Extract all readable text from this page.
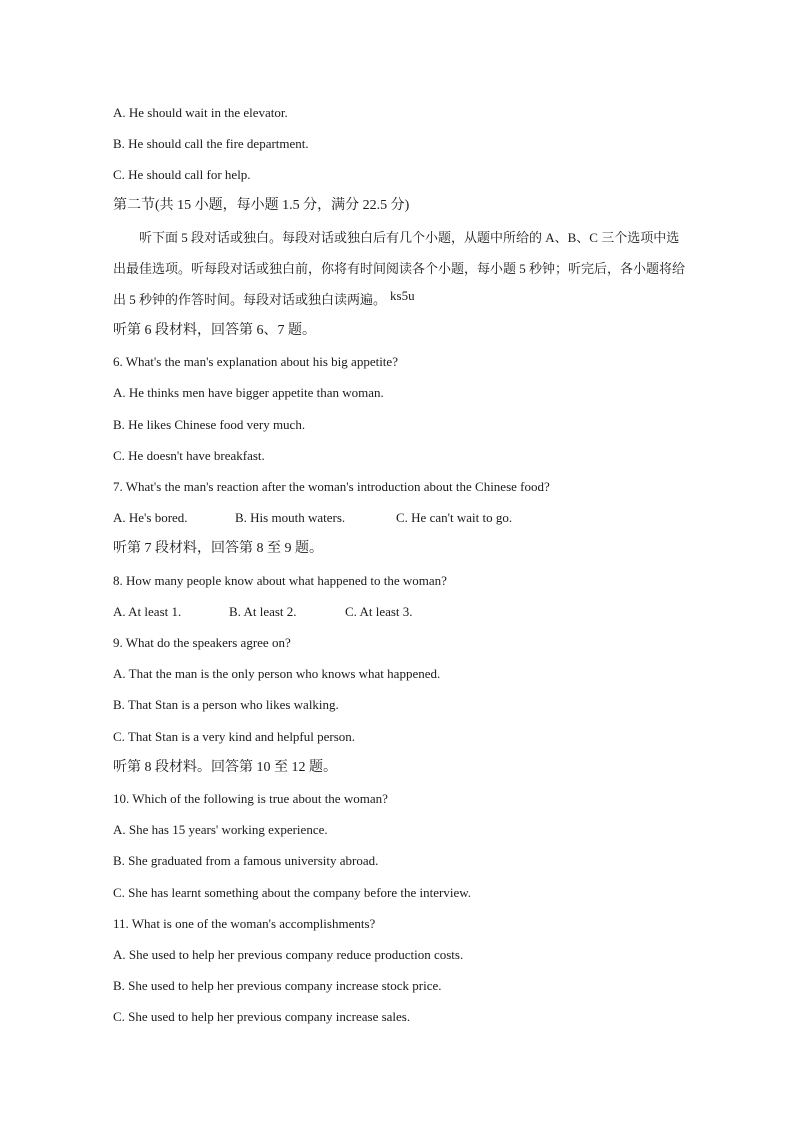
A. He should wait in the elevator.
B. He should call the fire department.
C. He should call for help.
第二节(共 15 小题，每小题 1.5 分，满分 22.5 分)
听下面 5 段对话或独白。每段对话或独白后有几个小题，从题中所给的 A、B、C 三个选项中选出最佳选项。听每段对话或独白前，你将有时间阅读各个小题，每小题 5 秒钟；听完后，各小题将给出 5 秒钟的作答时间。每段对话或独白读两遍。 ks5u
听第 6 段材料，回答第 6、7 题。
6. What's the man's explanation about his big appetite?
A. He thinks men have bigger appetite than woman.
B. He likes Chinese food very much.
C. He doesn't have breakfast.
7. What's the man's reaction after the woman's introduction about the Chinese food?
A. He's bored.	B. His mouth waters.	C. He can't wait to go.
听第 7 段材料，回答第 8 至 9 题。
8. How many people know about what happened to the woman?
A. At least 1.	B. At least 2.	C. At least 3.
9. What do the speakers agree on?
A. That the man is the only person who knows what happened.
B. That Stan is a person who likes walking.
C. That Stan is a very kind and helpful person.
听第 8 段材料。回答第 10 至 12 题。
10. Which of the following is true about the woman?
A. She has 15 years' working experience.
B. She graduated from a famous university abroad.
C. She has learnt something about the company before the interview.
11. What is one of the woman's accomplishments?
A. She used to help her previous company reduce production costs.
B. She used to help her previous company increase stock price.
C. She used to help her previous company increase sales.
